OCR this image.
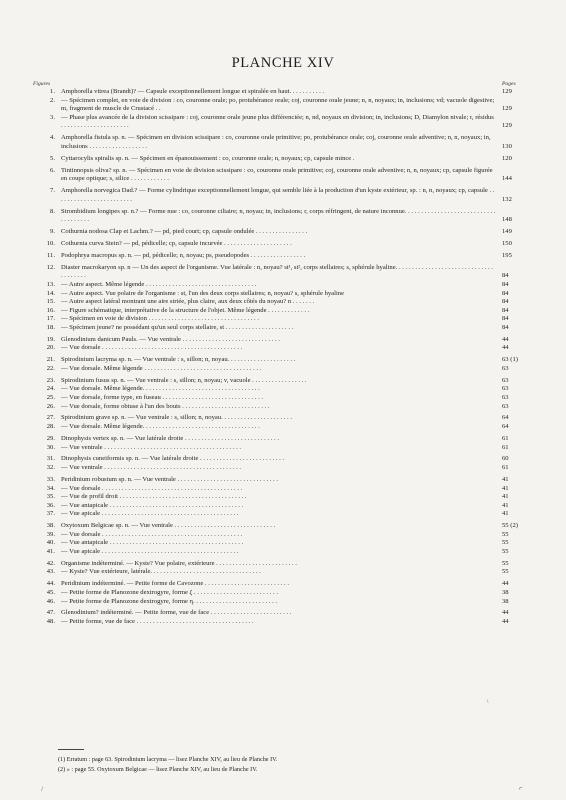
PLANCHE XIV
Figures	Pages
1. Amphorella vitrea (Brandt)? — Capsule exceptionnellement longue et spiralée en haut. . . . . . . . . . .	129
2. — Spécimen complet, en voie de division : co, couronne orale; po, protubérance orale; coj, couronne orale jeune; n, n, noyaux; in, inclusions; vd; vacuole digestive; m, fragment de muscle de Crustacé . .	129
3. — Phase plus avancée de la division scissipare : coj, couronne orale jeune plus différenciée; n, nd, noyaux en division; in, inclusions; D, Diamylon nivale; r, résidus . . . . . . . . . . . . . . . . . . . . .	129
4. Amphorella fistula sp. n. — Spécimen en division scissipare : co, couronne orale primitive; po, protubérance orale; coj, couronne orale adventive; n, n, noyaux; in, inclusions . . . . . . . . . . . . . . . . . .	130
5. Cyttarocylis spiralis sp. n. — Spécimen en épanouissement : co, couronne orale; n, noyaux; cp, capsule mince .	120
6. Tintinnopsis oliva? sp. n. — Spécimen en voie de division scissipare : co, couronne orale primitive; coj, couronne orale adventive; n, n, noyaux; cp, capsule figurée en coupe optique; s, silice . . . . . . . . . . . .	144
7. Amphorella norvegica Dad.? — Forme cylindrique exceptionnellement longue, qui semble liée à la production d'un kyste extérieur, sp. : n, n, noyaux; cp, capsule . . . . . . . . . . . . . . . . . . . . . . . .	132
8. Strombidium longipes sp. n.? — Forme nue : co, couronne ciliaire; n, noyau; in, inclusions; r, corps réfringent, de nature inconnue. . . . . . . . . . . . . . . . . . . . . . . . . . . . . . . . . . . . .	148
9. Cothurnia nodosa Clap et Lachm.? — pd, pied court; cp, capsule ondulée . . . . . . . . . . . . . . . .	149
10. Cothurnia curva Stein? — pd, pédicelle; cp, capsule incurvée . . . . . . . . . . . . . . . . . . . . .	150
11. Podophrya macropus sp. n. — pd, pédicelle; n, noyau; ps, pseudopodes . . . . . . . . . . . . . . . . .	195
12. Diaster macrokaryon sp. n — Un des aspect de l'organisme. Vue latérale : n, noyau? st¹, st², corps stellaires; s, sphérule hyaline. . . . . . . . . . . . . . . . . . . . . . . . . . . . . . . . . . . . . .	84
13. — Autre aspect. Même légende . . . . . . . . . . . . . . . . . . . . . . . . . . . . . . . . . .	84
14. — Autre aspect. Vue polaire de l'organisme : st, l'un des deux corps stellaires; n, noyau? s, sphérule hyaline	84
15. — Autre aspect latéral montrant une aire striée, plus claire, aux deux côtés du noyau? n . . . . . . .	84
16. — Figure schématique, interprétative de la structure de l'objet. Même légende . . . . . . . . . . . . .	84
17. — Spécimen en voie de division . . . . . . . . . . . . . . . . . . . . . . . . . . . . . . . . . .	84
18. — Spécimen jeune? ne possédant qu'un seul corps stellaire, st . . . . . . . . . . . . . . . . . . . . .	84
19. Glenodinium danicum Pauls. — Vue ventrale . . . . . . . . . . . . . . . . . . . . . . . . . . . . . .	44
20. — Vue dorsale . . . . . . . . . . . . . . . . . . . . . . . . . . . . . . . . . . . . . . . . . . .	44
21. Spirodinium lacryma sp. n. — Vue ventrale : s, sillon; n, noyau. . . . . . . . . . . . . . . . . . . . .	63 (1)
22. — Vue dorsale. Même légende . . . . . . . . . . . . . . . . . . . . . . . . . . . . . . . . . . . .	63
23. Spirodinium fusus sp. n. — Vue ventrale : s, sillon; n, noyau; v, vacuole . . . . . . . . . . . . . . . . .	63
24. — Vue dorsale. Même légende. . . . . . . . . . . . . . . . . . . . . . . . . . . . . . . . . . . .	63
25. — Vue dorsale, forme type, en fuseau . . . . . . . . . . . . . . . . . . . . . . . . . . . . . . .	63
26. — Vue dorsale, forme obtuse à l'un des bouts . . . . . . . . . . . . . . . . . . . . . . . . . . .	63
27. Spirodinium grave sp. n. — Vue ventrale : s, sillon; n, noyau. . . . . . . . . . . . . . . . . . . . . .	64
28. — Vue dorsale. Même légende. . . . . . . . . . . . . . . . . . . . . . . . . . . . . . . . . . . .	64
29. Dinophysis vertex sp. n. — Vue latérale droite . . . . . . . . . . . . . . . . . . . . . . . . . . . . .	61
30. — Vue ventrale . . . . . . . . . . . . . . . . . . . . . . . . . . . . . . . . . . . . . . . . . .	61
31. Dinophysis cuneiformis sp. n. — Vue latérale droite . . . . . . . . . . . . . . . . . . . . . . . . . .	60
32. — Vue ventrale . . . . . . . . . . . . . . . . . . . . . . . . . . . . . . . . . . . . . . . . . .	61
33. Peridinium robustum sp. n. — Vue ventrale . . . . . . . . . . . . . . . . . . . . . . . . . . . . . . .	41
34. — Vue dorsale . . . . . . . . . . . . . . . . . . . . . . . . . . . . . . . . . . . . . . . . . . .	41
35. — Vue de profil droit . . . . . . . . . . . . . . . . . . . . . . . . . . . . . . . . . . . . . . .	41
36. — Vue antapicale . . . . . . . . . . . . . . . . . . . . . . . . . . . . . . . . . . . . . . . . .	41
37. — Vue apicale . . . . . . . . . . . . . . . . . . . . . . . . . . . . . . . . . . . . . . . . . .	41
38. Oxytoxum Belgicae sp. n. — Vue ventrale . . . . . . . . . . . . . . . . . . . . . . . . . . . . . . .	55 (2)
39. — Vue dorsale . . . . . . . . . . . . . . . . . . . . . . . . . . . . . . . . . . . . . . . . . . .	55
40. — Vue antapicale . . . . . . . . . . . . . . . . . . . . . . . . . . . . . . . . . . . . . . . . .	55
41. — Vue apicale . . . . . . . . . . . . . . . . . . . . . . . . . . . . . . . . . . . . . . . . . .	55
42. Organisme indéterminé. — Kyste? Vue polaire, extérieure . . . . . . . . . . . . . . . . . . . . . . . . .	55
43. — Kyste? Vue extérieure, latérale. . . . . . . . . . . . . . . . . . . . . . . . . . . . . . . . . .	55
44. Peridinium indéterminé. — Petite forme de Cavozone . . . . . . . . . . . . . . . . . . . . . . . . . .	44
45. — Petite forme de Planozone dextrogyre, forme ζ . . . . . . . . . . . . . . . . . . . . . . . . . .	38
46. — Petite forme de Planozone dextrogyre, forme η. . . . . . . . . . . . . . . . . . . . . . . . . .	38
47. Glenodinium? indéterminé. — Petite forme, vue de face . . . . . . . . . . . . . . . . . . . . . . . . .	44
48. — Petite forme, vue de face . . . . . . . . . . . . . . . . . . . . . . . . . . . . . . . . . . . .	44
(1) Erratum : page 63. Spirodinium lacryma — lisez Planche XIV, au lieu de Planche IV.
(2) » : page 55. Oxytoxum Belgicae — lisez Planche XIV, au lieu de Planche IV.
\	⌐
\
